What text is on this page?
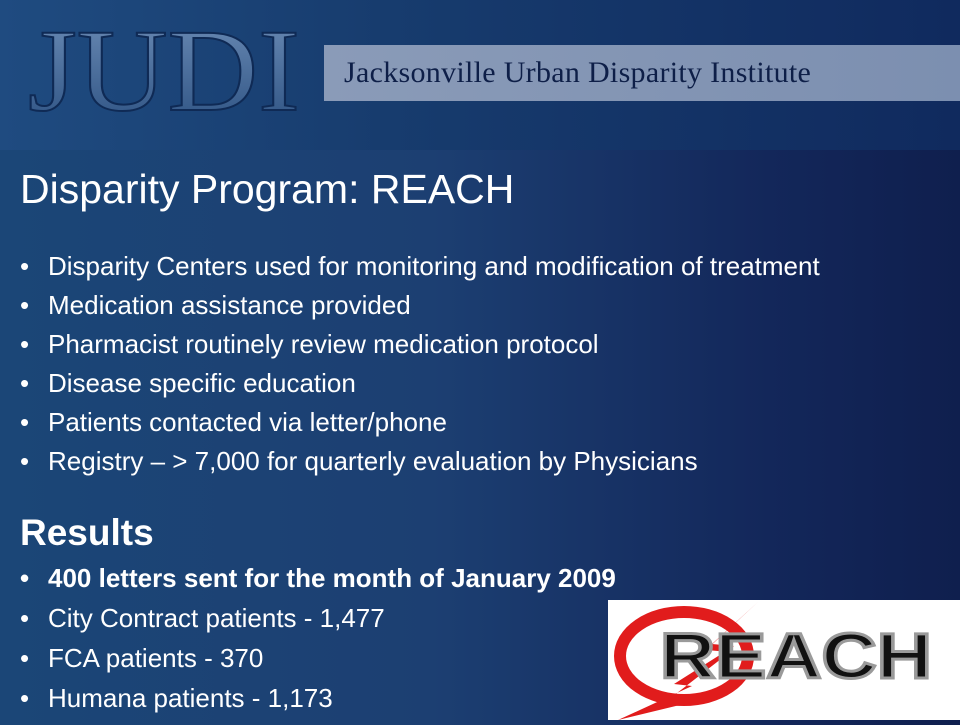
JUDI Jacksonville Urban Disparity Institute
Disparity Program: REACH
• Disparity Centers used for monitoring and modification of treatment
• Medication assistance provided
• Pharmacist routinely review medication protocol
• Disease specific education
• Patients contacted via letter/phone
• Registry – > 7,000 for quarterly evaluation by Physicians
Results
• 400 letters sent for the month of January 2009
• City Contract patients - 1,477
• FCA patients - 370
• Humana patients - 1,173
REACH
